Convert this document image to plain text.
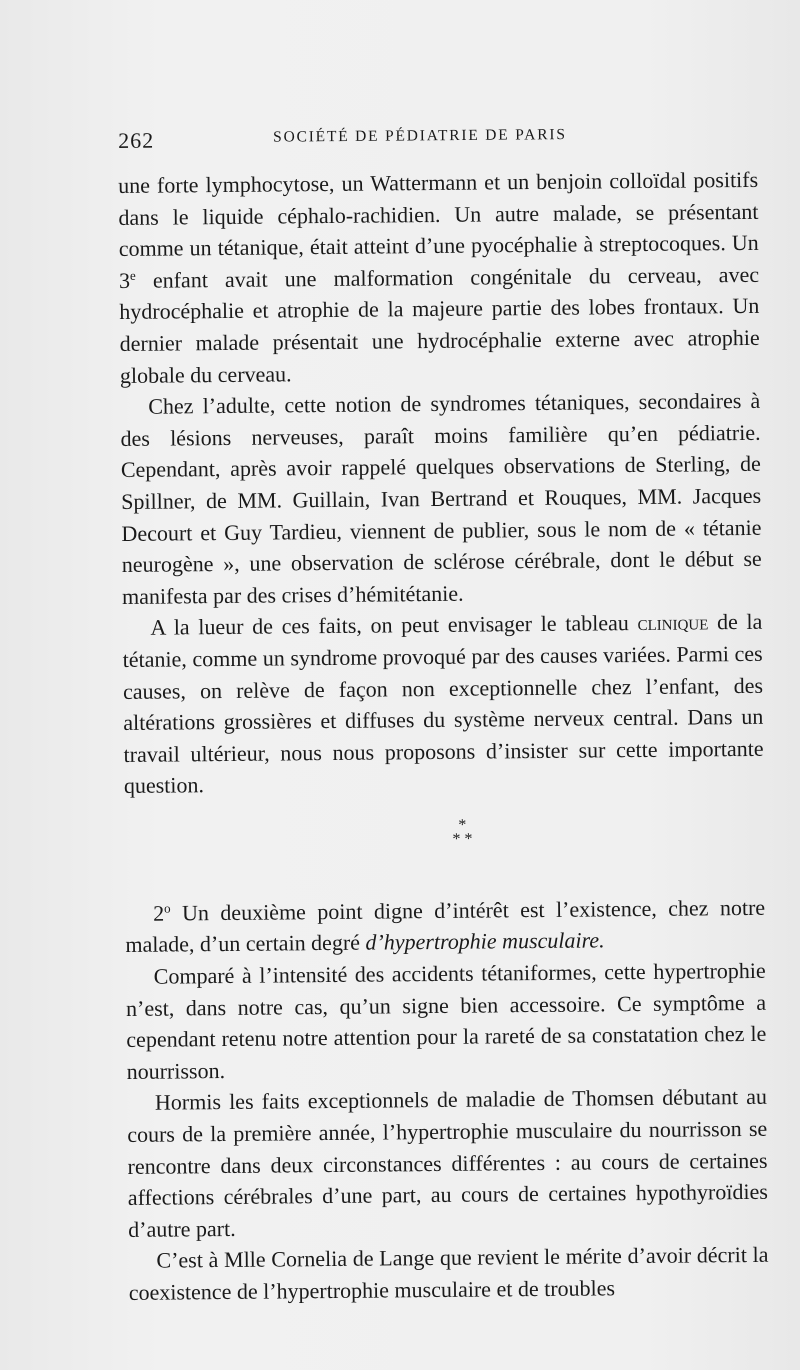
262	SOCIÉTÉ DE PÉDIATRIE DE PARIS

une forte lymphocytose, un Wattermann et un benjoin colloïdal positifs dans le liquide céphalo-rachidien. Un autre malade, se présentant comme un tétanique, était atteint d’une pyocéphalie à streptocoques. Un 3e enfant avait une malformation congénitale du cerveau, avec hydrocéphalie et atrophie de la majeure partie des lobes frontaux. Un dernier malade présentait une hydrocéphalie externe avec atrophie globale du cerveau.

Chez l’adulte, cette notion de syndromes tétaniques, secondaires à des lésions nerveuses, paraît moins familière qu’en pédiatrie. Cependant, après avoir rappelé quelques observations de Sterling, de Spillner, de MM. Guillain, Ivan Bertrand et Rouques, MM. Jacques Decourt et Guy Tardieu, viennent de publier, sous le nom de « tétanie neurogène », une observation de sclérose cérébrale, dont le début se manifesta par des crises d’hémitétanie.

A la lueur de ces faits, on peut envisager le tableau clinique de la tétanie, comme un syndrome provoqué par des causes variées. Parmi ces causes, on relève de façon non exceptionnelle chez l’enfant, des altérations grossières et diffuses du système nerveux central. Dans un travail ultérieur, nous nous proposons d’insister sur cette importante question.

*
* *

2$^o$ Un deuxième point digne d’intérêt est l’existence, chez notre malade, d’un certain degré d’hypertrophie musculaire.

Comparé à l’intensité des accidents tétaniformes, cette hypertrophie n’est, dans notre cas, qu’un signe bien accessoire. Ce symptôme a cependant retenu notre attention pour la rareté de sa constatation chez le nourrisson.

Hormis les faits exceptionnels de maladie de Thomsen débutant au cours de la première année, l’hypertrophie musculaire du nourrisson se rencontre dans deux circonstances différentes : au cours de certaines affections cérébrales d’une part, au cours de certaines hypothyroïdies d’autre part.

C’est à Mlle Cornelia de Lange que revient le mérite d’avoir décrit la coexistence de l’hypertrophie musculaire et de troubles
